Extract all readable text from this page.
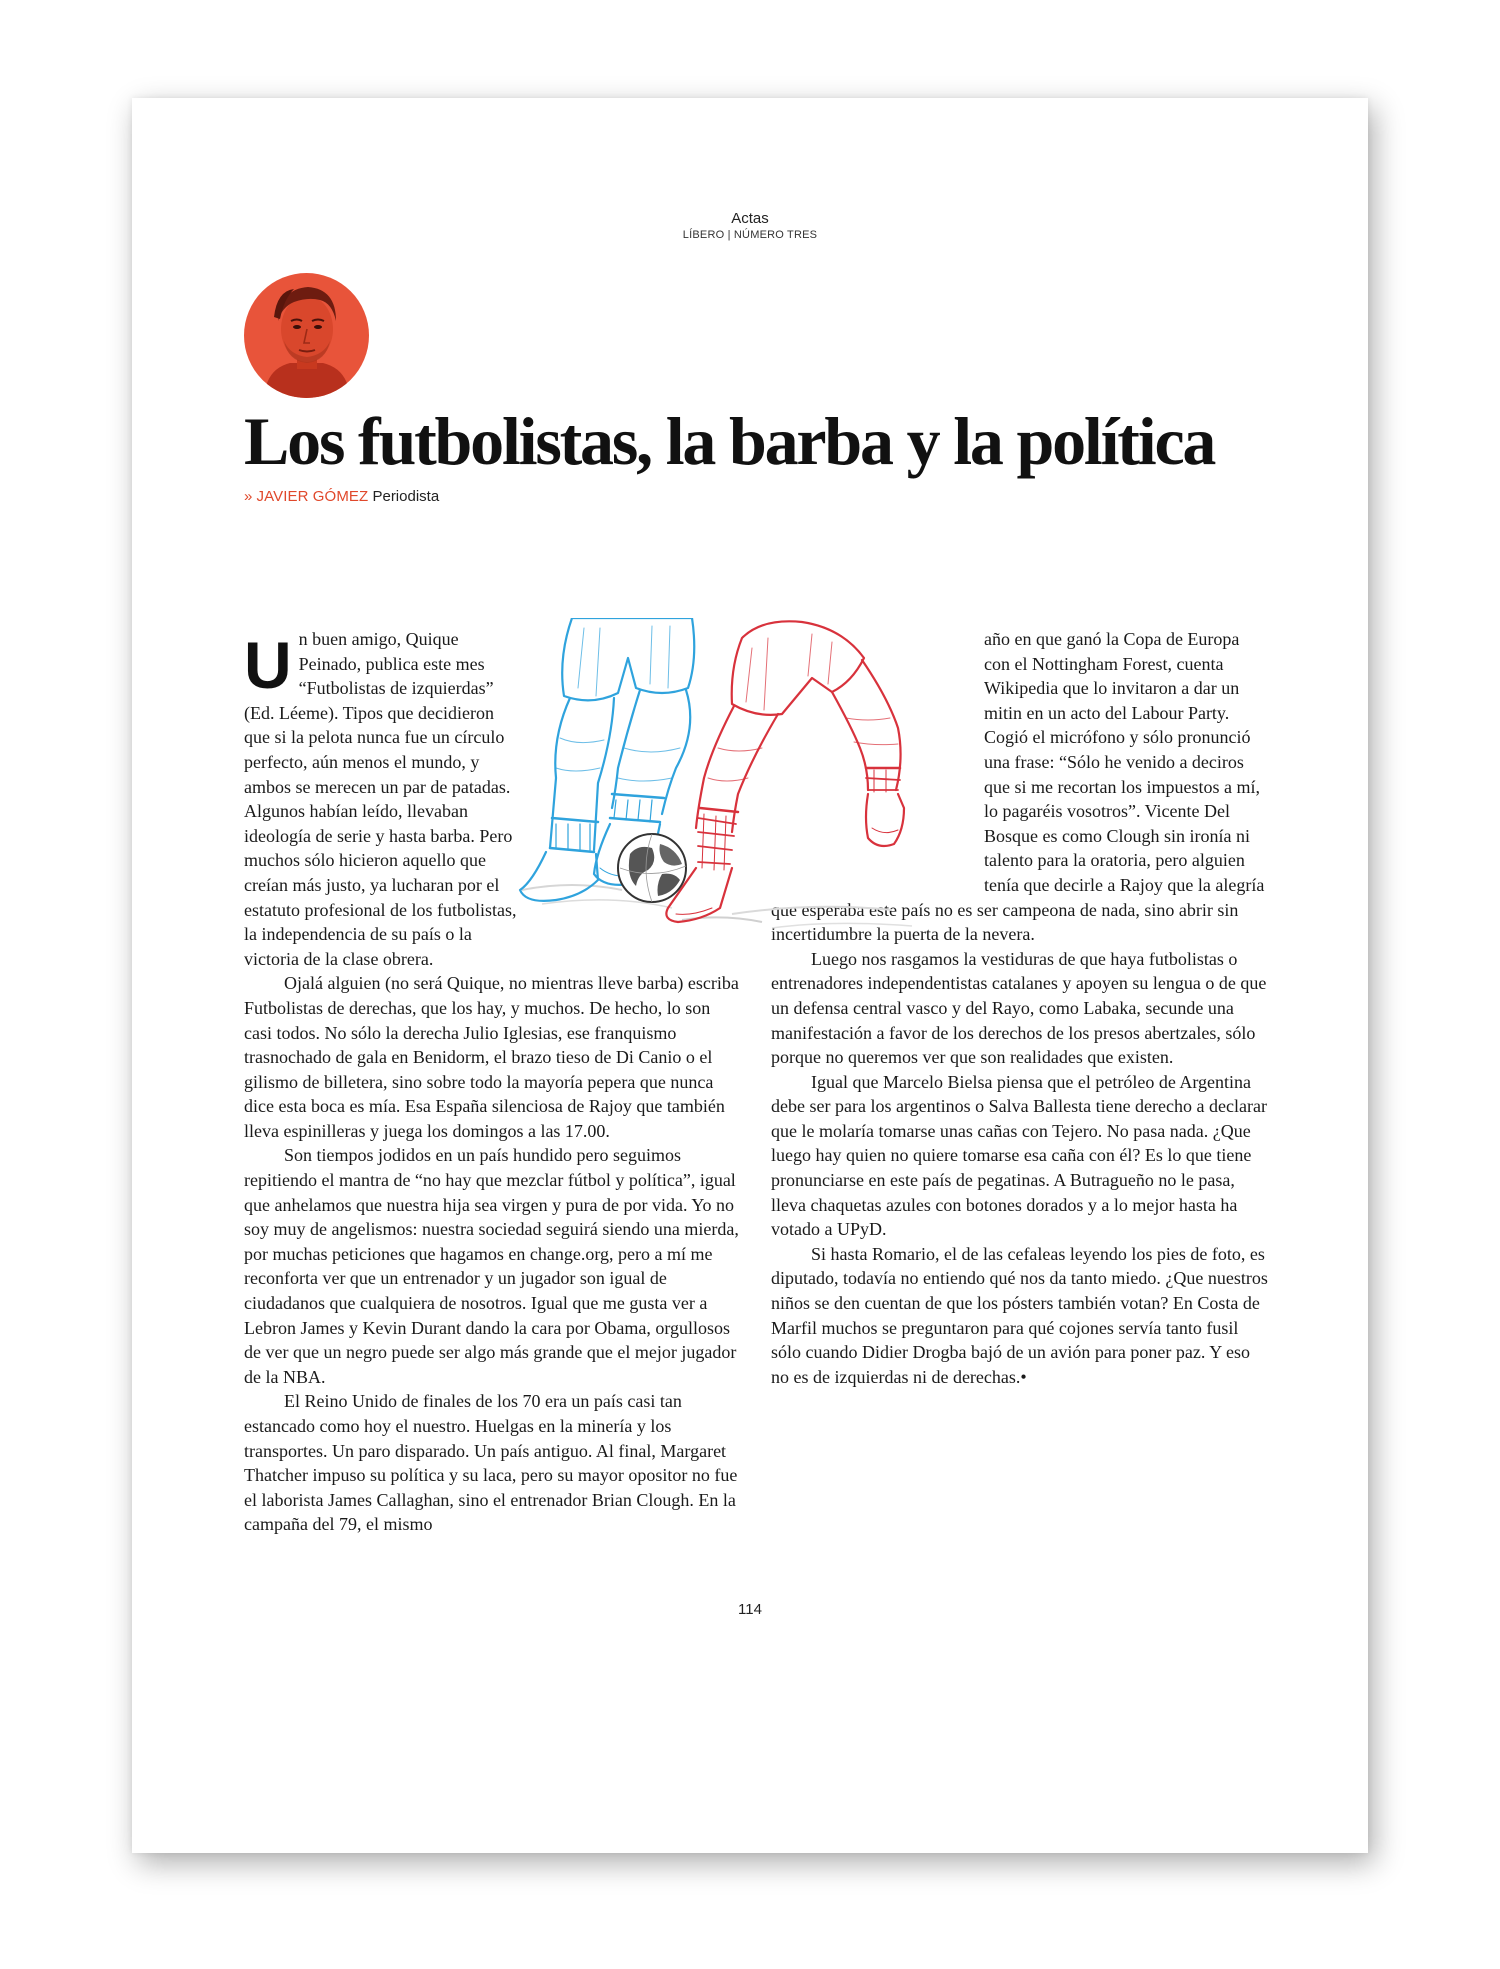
Actas
LÍBERO | NÚMERO TRES
Los futbolistas, la barba y la política
» JAVIER GÓMEZ Periodista

U n buen amigo, Quique Peinado, publica este mes “Futbolistas de izquierdas” (Ed. Léeme). Tipos que decidieron que si la pelota nunca fue un círculo perfecto, aún menos el mundo, y ambos se merecen un par de patadas. Algunos habían leído, llevaban ideología de serie y hasta barba. Pero muchos sólo hicieron aquello que creían más justo, ya lucharan por el estatuto profesional de los futbolistas, la independencia de su país o la victoria de la clase obrera.

Ojalá alguien (no será Quique, no mientras lleve barba) escriba Futbolistas de derechas, que los hay, y muchos. De hecho, lo son casi todos. No sólo la derecha Julio Iglesias, ese franquismo trasnochado de gala en Benidorm, el brazo tieso de Di Canio o el gilismo de billetera, sino sobre todo la mayoría pepera que nunca dice esta boca es mía. Esa España silenciosa de Rajoy que también lleva espinilleras y juega los domingos a las 17.00.

Son tiempos jodidos en un país hundido pero seguimos repitiendo el mantra de “no hay que mezclar fútbol y política”, igual que anhelamos que nuestra hija sea virgen y pura de por vida. Yo no soy muy de angelismos: nuestra sociedad seguirá siendo una mierda, por muchas peticiones que hagamos en change.org, pero a mí me reconforta ver que un entrenador y un jugador son igual de ciudadanos que cualquiera de nosotros. Igual que me gusta ver a Lebron James y Kevin Durant dando la cara por Obama, orgullosos de ver que un negro puede ser algo más grande que el mejor jugador de la NBA.

El Reino Unido de finales de los 70 era un país casi tan estancado como hoy el nuestro. Huelgas en la minería y los transportes. Un paro disparado. Un país antiguo. Al final, Margaret Thatcher impuso su política y su laca, pero su mayor opositor no fue el laborista James Callaghan, sino el entrenador Brian Clough. En la campaña del 79, el mismo

año en que ganó la Copa de Europa con el Nottingham Forest, cuenta Wikipedia que lo invitaron a dar un mitin en un acto del Labour Party. Cogió el micrófono y sólo pronunció una frase: “Sólo he venido a deciros que si me recortan los impuestos a mí, lo pagaréis vosotros”. Vicente Del Bosque es como Clough sin ironía ni talento para la oratoria, pero alguien tenía que decirle a Rajoy que la alegría que esperaba este país no es ser campeona de nada, sino abrir sin incertidumbre la puerta de la nevera.

Luego nos rasgamos la vestiduras de que haya futbolistas o entrenadores independentistas catalanes y apoyen su lengua o de que un defensa central vasco y del Rayo, como Labaka, secunde una manifestación a favor de los derechos de los presos abertzales, sólo porque no queremos ver que son realidades que existen.

Igual que Marcelo Bielsa piensa que el petróleo de Argentina debe ser para los argentinos o Salva Ballesta tiene derecho a declarar que le molaría tomarse unas cañas con Tejero. No pasa nada. ¿Que luego hay quien no quiere tomarse esa caña con él? Es lo que tiene pronunciarse en este país de pegatinas. A Butragueño no le pasa, lleva chaquetas azules con botones dorados y a lo mejor hasta ha votado a UPyD.

Si hasta Romario, el de las cefaleas leyendo los pies de foto, es diputado, todavía no entiendo qué nos da tanto miedo. ¿Que nuestros niños se den cuentan de que los pósters también votan? En Costa de Marfil muchos se preguntaron para qué cojones servía tanto fusil sólo cuando Didier Drogba bajó de un avión para poner paz. Y eso no es de izquierdas ni de derechas.•

114
